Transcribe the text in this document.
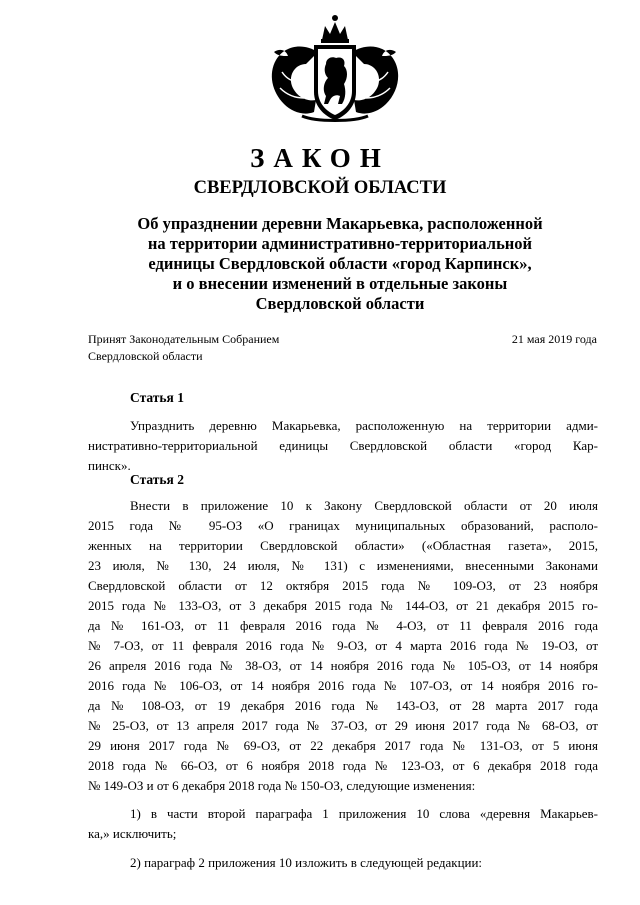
ЗАКОН
СВЕРДЛОВСКОЙ ОБЛАСТИ
Об упразднении деревни Макарьевка, расположенной
на территории административно-территориальной
единицы Свердловской области «город Карпинск»,
и о внесении изменений в отдельные законы
Свердловской области
Принят Законодательным Собранием
Свердловской области
21 мая 2019 года
Статья 1
Упразднить деревню Макарьевка, расположенную на территории адми-
нистративно-территориальной единицы Свердловской области «город Кар-
пинск».
Статья 2
Внести в приложение 10 к Закону Свердловской области от 20 июля
2015 года № 95-ОЗ «О границах муниципальных образований, располо-
женных на территории Свердловской области» («Областная газета», 2015,
23 июля, № 130, 24 июля, № 131) с изменениями, внесенными Законами
Свердловской области от 12 октября 2015 года № 109-ОЗ, от 23 ноября
2015 года № 133-ОЗ, от 3 декабря 2015 года № 144-ОЗ, от 21 декабря 2015 го-
да № 161-ОЗ, от 11 февраля 2016 года № 4-ОЗ, от 11 февраля 2016 года
№ 7-ОЗ, от 11 февраля 2016 года № 9-ОЗ, от 4 марта 2016 года № 19-ОЗ, от
26 апреля 2016 года № 38-ОЗ, от 14 ноября 2016 года № 105-ОЗ, от 14 ноября
2016 года № 106-ОЗ, от 14 ноября 2016 года № 107-ОЗ, от 14 ноября 2016 го-
да № 108-ОЗ, от 19 декабря 2016 года № 143-ОЗ, от 28 марта 2017 года
№ 25-ОЗ, от 13 апреля 2017 года № 37-ОЗ, от 29 июня 2017 года № 68-ОЗ, от
29 июня 2017 года № 69-ОЗ, от 22 декабря 2017 года № 131-ОЗ, от 5 июня
2018 года № 66-ОЗ, от 6 ноября 2018 года № 123-ОЗ, от 6 декабря 2018 года
№ 149-ОЗ и от 6 декабря 2018 года № 150-ОЗ, следующие изменения:
1) в части второй параграфа 1 приложения 10 слова «деревня Макарьев-
ка,» исключить;
2) параграф 2 приложения 10 изложить в следующей редакции:
